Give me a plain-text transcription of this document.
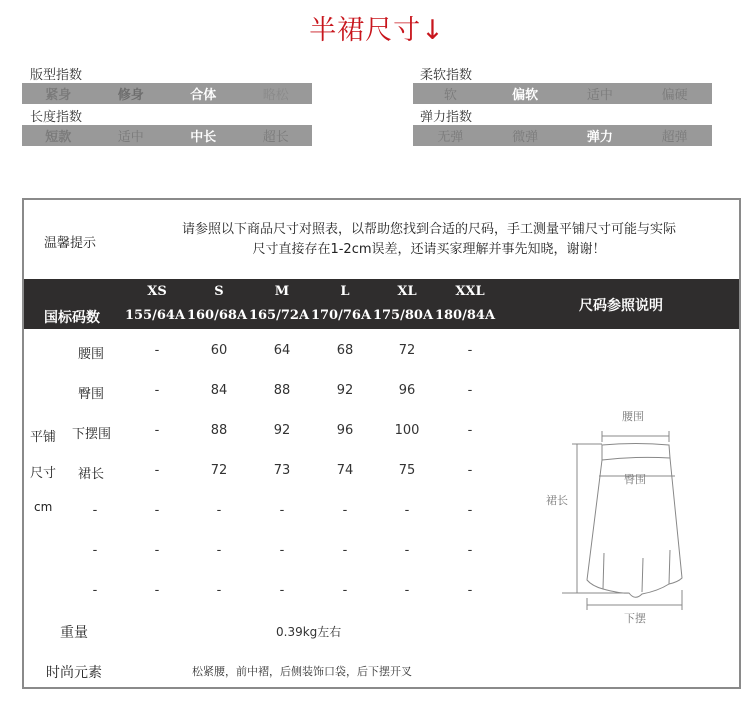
半裙尺寸↓
版型指数
紧身	修身	合体	略松
长度指数
短款	适中	中长	超长
柔软指数
软	偏软	适中	偏硬
弹力指数
无弹	微弹	弹力	超弹
温馨提示
请参照以下商品尺寸对照表，以帮助您找到合适的尺码，手工测量平铺尺寸可能与实际
尺寸直接存在1-2cm误差，还请买家理解并事先知晓，谢谢！
XS	S	M	L	XL	XXL
国标码数 155/64A 160/68A 165/72A 170/76A 175/80A 180/84A
尺码参照说明
平铺
尺寸
cm
腰围	-	60	64	68	72	-
臀围	-	84	88	92	96	-
下摆围	-	88	92	96	100	-
裙长	-	72	73	74	75	-
-	-	-	-	-	-	-
-	-	-	-	-	-	-
-	-	-	-	-	-	-
重量	0.39kg左右
时尚元素	松紧腰，前中褶，后侧装饰口袋，后下摆开叉
腰围
臀围
裙长
下摆
